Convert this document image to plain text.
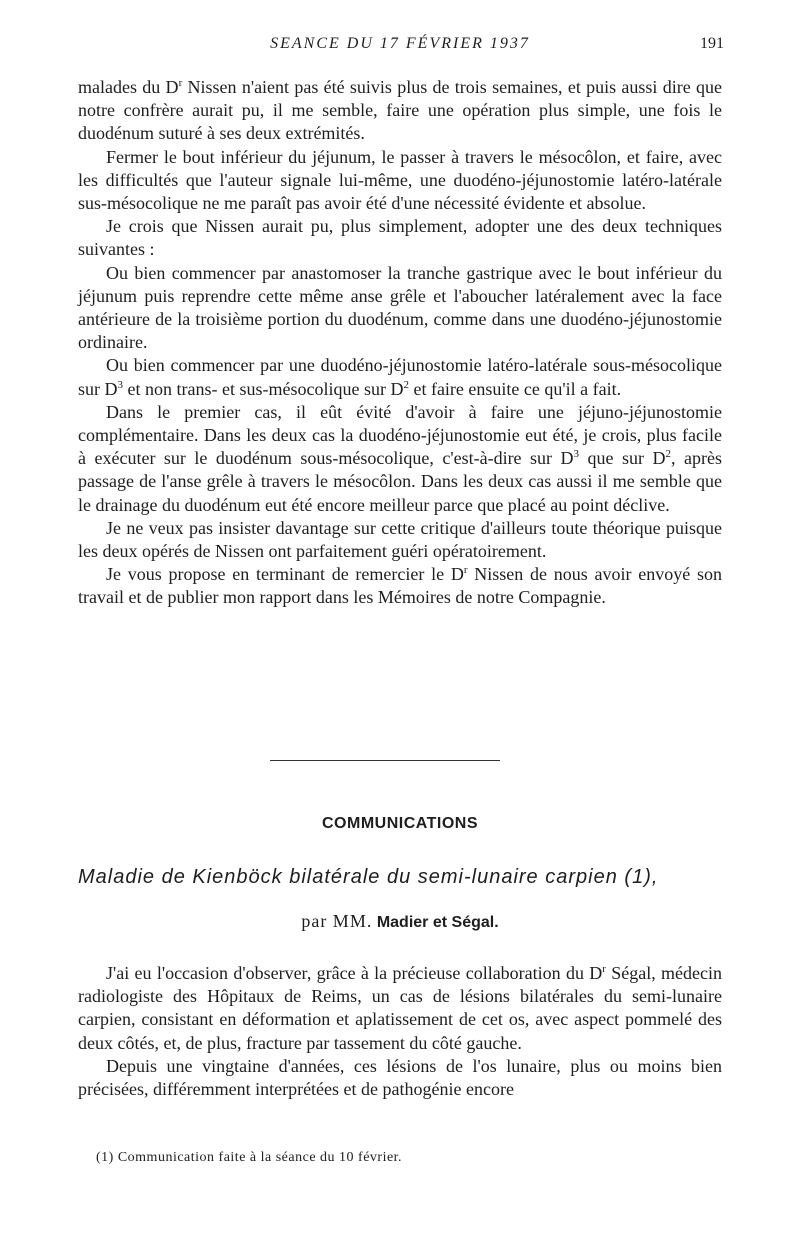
SEANCE DU 17 FÉVRIER 1937	191

malades du $D^r$ Nissen n'aient pas été suivis plus de trois semaines, et puis aussi dire que notre confrère aurait pu, il me semble, faire une opération plus simple, une fois le duodénum suturé à ses deux extrémités.

Fermer le bout inférieur du jéjunum, le passer à travers le mésocôlon, et faire, avec les difficultés que l'auteur signale lui-même, une duodéno-jéjunostomie latéro-latérale sus-mésocolique ne me paraît pas avoir été d'une nécessité évidente et absolue.

Je crois que Nissen aurait pu, plus simplement, adopter une des deux techniques suivantes :

Ou bien commencer par anastomoser la tranche gastrique avec le bout inférieur du jéjunum puis reprendre cette même anse grêle et l'aboucher latéralement avec la face antérieure de la troisième portion du duodénum, comme dans une duodéno-jéjunostomie ordinaire.

Ou bien commencer par une duodéno-jéjunostomie latéro-latérale sous-mésocolique sur $D^3$ et non trans- et sus-mésocolique sur $D^2$ et faire ensuite ce qu'il a fait.

Dans le premier cas, il eût évité d'avoir à faire une jéjuno-jéjunostomie complémentaire. Dans les deux cas la duodéno-jéjunostomie eut été, je crois, plus facile à exécuter sur le duodénum sous-mésocolique, c'est-à-dire sur $D^3$ que sur $D^2$, après passage de l'anse grêle à travers le mésocôlon. Dans les deux cas aussi il me semble que le drainage du duodénum eut été encore meilleur parce que placé au point déclive.

Je ne veux pas insister davantage sur cette critique d'ailleurs toute théorique puisque les deux opérés de Nissen ont parfaitement guéri opératoirement.

Je vous propose en terminant de remercier le $D^r$ Nissen de nous avoir envoyé son travail et de publier mon rapport dans les Mémoires de notre Compagnie.

COMMUNICATIONS
Maladie de Kienböck bilatérale du semi-lunaire carpien (1),
par MM. Madier et Ségal.

J'ai eu l'occasion d'observer, grâce à la précieuse collaboration du $D^r$ Ségal, médecin radiologiste des Hôpitaux de Reims, un cas de lésions bilatérales du semi-lunaire carpien, consistant en déformation et aplatissement de cet os, avec aspect pommelé des deux côtés, et, de plus, fracture par tassement du côté gauche.

Depuis une vingtaine d'années, ces lésions de l'os lunaire, plus ou moins bien précisées, différemment interprétées et de pathogénie encore

(1) Communication faite à la séance du 10 février.
